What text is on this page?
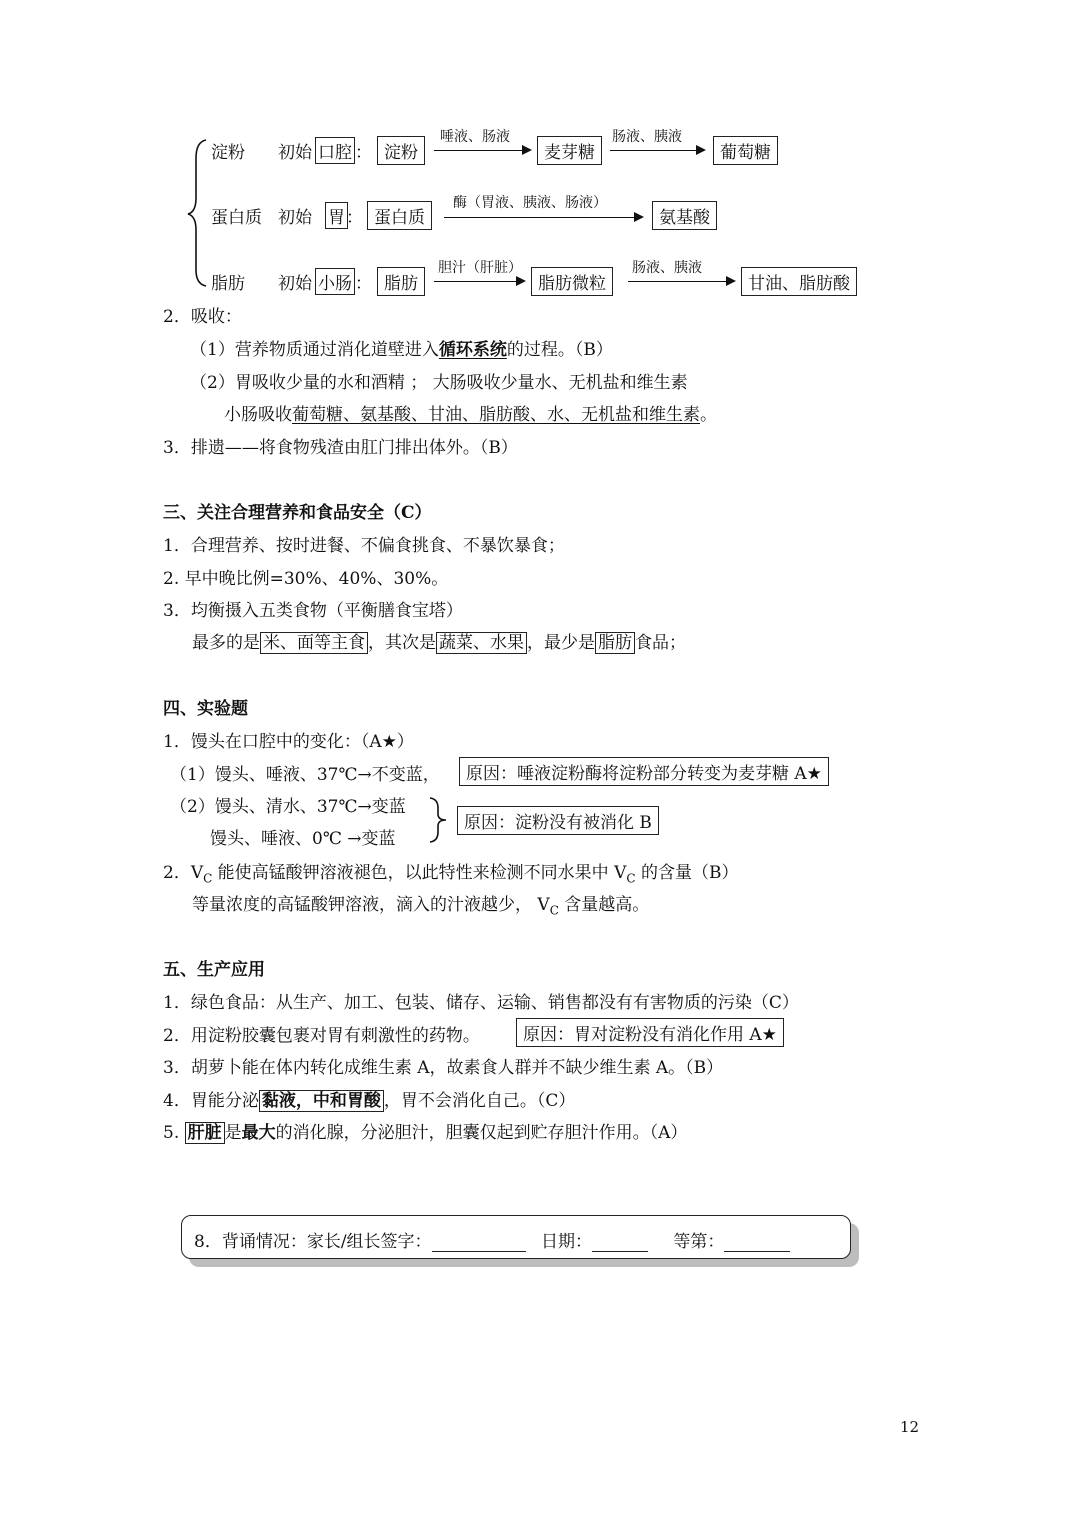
淀粉 初始 口腔 ： 淀粉
唾液、肠液
麦芽糖
肠液、胰液
葡萄糖
蛋白质 初始 胃 ： 蛋白质
酶（胃液、胰液、肠液）
氨基酸
脂肪 初始 小肠 ： 脂肪
胆汁（肝脏）
脂肪微粒
肠液、胰液
甘油、脂肪酸
2．吸收：
（1）营养物质通过消化道壁进入循环系统的过程。（B）
（2）胃吸收少量的水和酒精 ； 大肠吸收少量水、无机盐和维生素
小肠吸收葡萄糖、氨基酸、甘油、脂肪酸、水、无机盐和维生素。
3．排遗——将食物残渣由肛门排出体外。（B）
三、关注合理营养和食品安全（C）
1．合理营养、按时进餐、不偏食挑食、不暴饮暴食；
2. 早中晚比例=30%、40%、30%。
3．均衡摄入五类食物（平衡膳食宝塔）
最多的是 米、面等主食 ，其次是 蔬菜、水果 ，最少是 脂肪 食品；
四、实验题
1．馒头在口腔中的变化：（A★）
（1）馒头、唾液、37℃→不变蓝，	原因：唾液淀粉酶将淀粉部分转变为麦芽糖 A★
（2）馒头、清水、37℃→变蓝
馒头、唾液、0℃ →变蓝
原因：淀粉没有被消化 B
2．$V_C$ 能使高锰酸钾溶液褪色，以此特性来检测不同水果中 $V_C$ 的含量（B）
等量浓度的高锰酸钾溶液，滴入的汁液越少， $V_C$ 含量越高。
五、生产应用
1．绿色食品：从生产、加工、包装、储存、运输、销售都没有有害物质的污染（C）
2．用淀粉胶囊包裹对胃有刺激性的药物。	原因：胃对淀粉没有消化作用 A★
3．胡萝卜能在体内转化成维生素 A，故素食人群并不缺少维生素 A。（B）
4．胃能分泌 黏液，中和胃酸 ，胃不会消化自己。（C）
5. 肝脏 是最大的消化腺，分泌胆汁，胆囊仅起到贮存胆汁作用。（A）
8．背诵情况：家长/组长签字：	日期：	等第：
12
